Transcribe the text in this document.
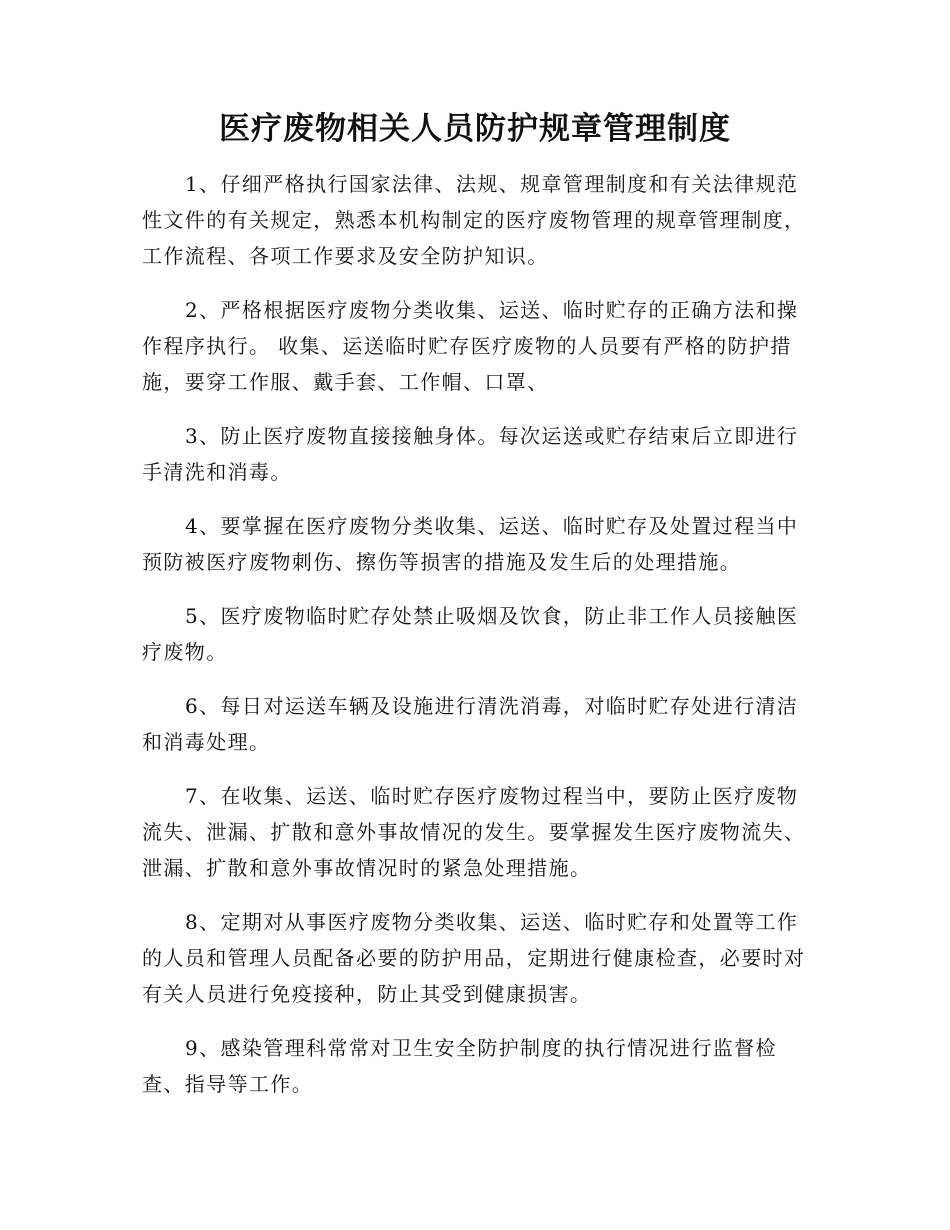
医疗废物相关人员防护规章管理制度

1、仔细严格执行国家法律、法规、规章管理制度和有关法律规范性文件的有关规定，熟悉本机构制定的医疗废物管理的规章管理制度，工作流程、各项工作要求及安全防护知识。

2、严格根据医疗废物分类收集、运送、临时贮存的正确方法和操作程序执行。 收集、运送临时贮存医疗废物的人员要有严格的防护措施，要穿工作服、戴手套、工作帽、口罩、

3、防止医疗废物直接接触身体。每次运送或贮存结束后立即进行手清洗和消毒。

4、要掌握在医疗废物分类收集、运送、临时贮存及处置过程当中预防被医疗废物刺伤、擦伤等损害的措施及发生后的处理措施。

5、医疗废物临时贮存处禁止吸烟及饮食，防止非工作人员接触医疗废物。

6、每日对运送车辆及设施进行清洗消毒，对临时贮存处进行清洁和消毒处理。

7、在收集、运送、临时贮存医疗废物过程当中，要防止医疗废物流失、泄漏、扩散和意外事故情况的发生。要掌握发生医疗废物流失、泄漏、扩散和意外事故情况时的紧急处理措施。

8、定期对从事医疗废物分类收集、运送、临时贮存和处置等工作的人员和管理人员配备必要的防护用品，定期进行健康检查，必要时对有关人员进行免疫接种，防止其受到健康损害。

9、感染管理科常常对卫生安全防护制度的执行情况进行监督检查、指导等工作。
